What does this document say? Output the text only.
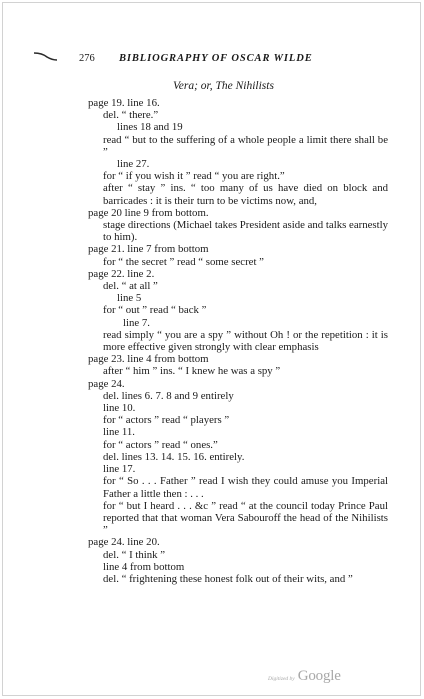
276 BIBLIOGRAPHY OF OSCAR WILDE
Vera; or, The Nihilists
page 19. line 16.
del. “ there.”
lines 18 and 19
read “ but to the suffering of a whole people a limit there shall be ”
line 27.
for “ if you wish it ” read “ you are right.”
after “ stay ” ins. “ too many of us have died on block and barricades : it is their turn to be victims now, and,
page 20 line 9 from bottom.
stage directions (Michael takes President aside and talks earnestly to him).
page 21. line 7 from bottom
for “ the secret ” read “ some secret ”
page 22. line 2.
del. “ at all ”
line 5
for “ out ” read “ back ”
line 7.
read simply “ you are a spy ” without Oh ! or the repetition : it is more effective given strongly with clear emphasis
page 23. line 4 from bottom
after “ him ” ins. “ I knew he was a spy ”
page 24.
del. lines 6. 7. 8 and 9 entirely
line 10.
for “ actors ” read “ players ”
line 11.
for “ actors ” read “ ones.”
del. lines 13. 14. 15. 16. entirely.
line 17.
for “ So . . . Father ” read I wish they could amuse you Imperial Father a little then : . . .
for “ but I heard . . . &c ” read “ at the council today Prince Paul reported that that woman Vera Sabouroff the head of the Nihilists ”
page 24. line 20.
del. “ I think ”
line 4 from bottom
del. “ frightening these honest folk out of their wits, and ”
Digitized by Google
